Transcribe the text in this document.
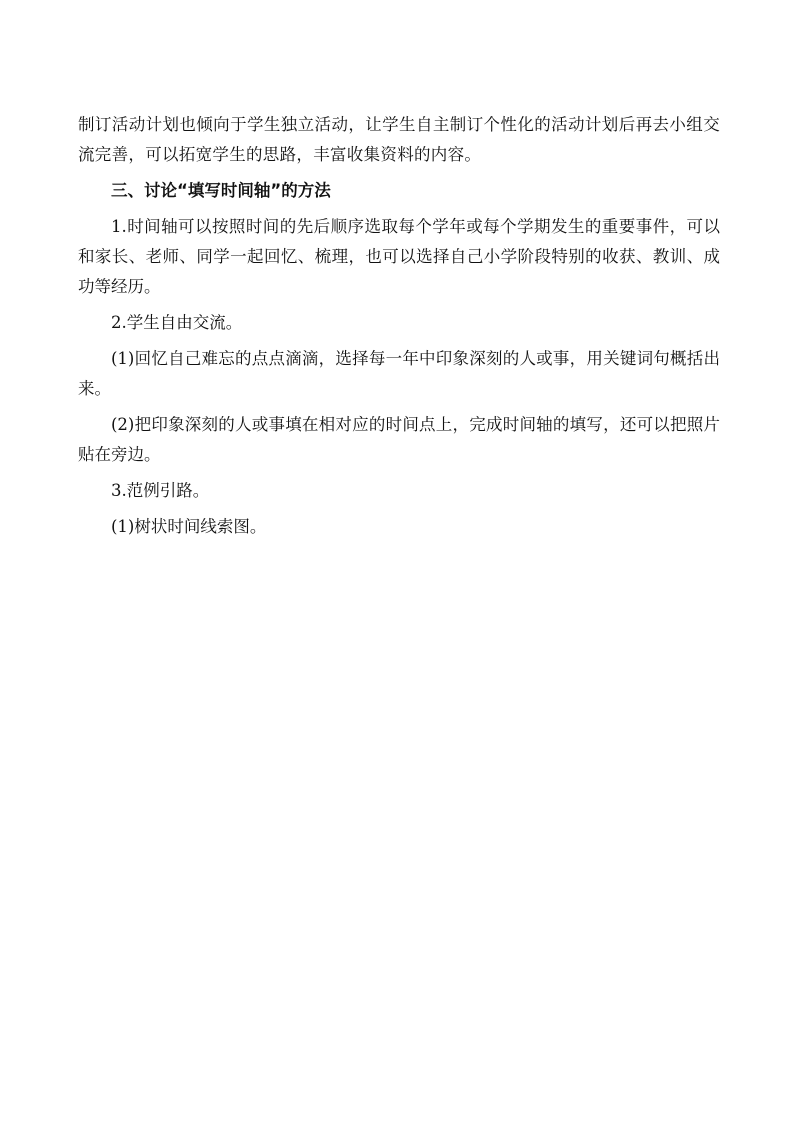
制订活动计划也倾向于学生独立活动，让学生自主制订个性化的活动计划后再去小组交流完善，可以拓宽学生的思路，丰富收集资料的内容。

三、讨论“填写时间轴”的方法

1.时间轴可以按照时间的先后顺序选取每个学年或每个学期发生的重要事件，可以和家长、老师、同学一起回忆、梳理，也可以选择自己小学阶段特别的收获、教训、成功等经历。

2.学生自由交流。

(1)回忆自己难忘的点点滴滴，选择每一年中印象深刻的人或事，用关键词句概括出来。

(2)把印象深刻的人或事填在相对应的时间点上，完成时间轴的填写，还可以把照片贴在旁边。

3.范例引路。

(1)树状时间线索图。
